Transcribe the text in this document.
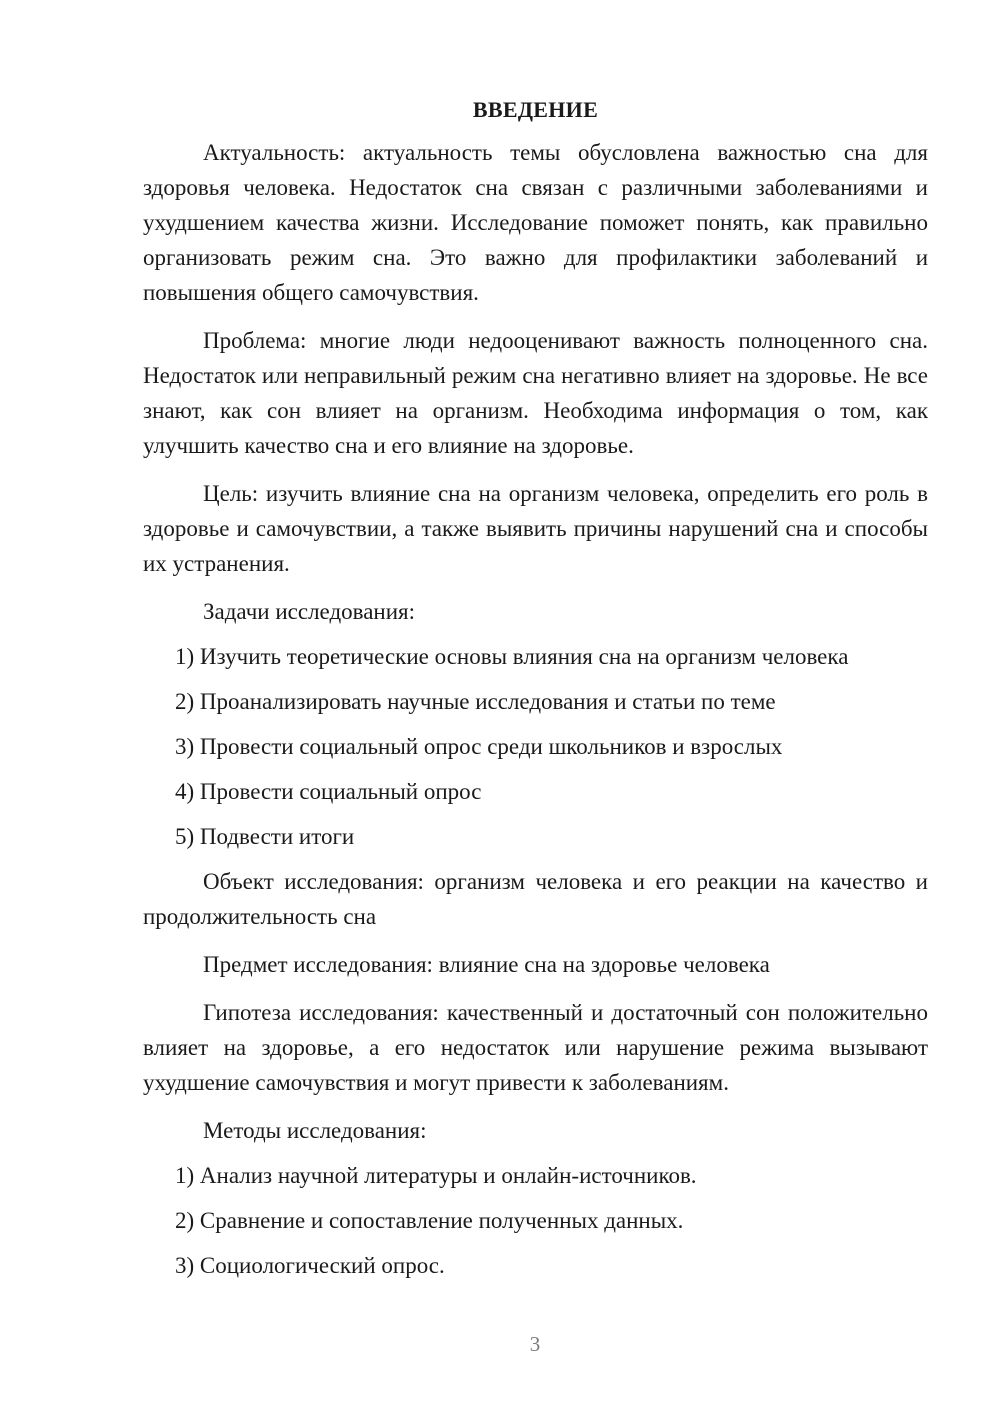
ВВЕДЕНИЕ

Актуальность: актуальность темы обусловлена важностью сна для здоровья человека. Недостаток сна связан с различными заболеваниями и ухудшением качества жизни. Исследование поможет понять, как правильно организовать режим сна. Это важно для профилактики заболеваний и повышения общего самочувствия.

Проблема: многие люди недооценивают важность полноценного сна. Недостаток или неправильный режим сна негативно влияет на здоровье. Не все знают, как сон влияет на организм. Необходима информация о том, как улучшить качество сна и его влияние на здоровье.

Цель: изучить влияние сна на организм человека, определить его роль в здоровье и самочувствии, а также выявить причины нарушений сна и способы их устранения.

Задачи исследования:
1) Изучить теоретические основы влияния сна на организм человека
2) Проанализировать научные исследования и статьи по теме
3) Провести социальный опрос среди школьников и взрослых
4) Провести социальный опрос
5) Подвести итоги

Объект исследования: организм человека и его реакции на качество и продолжительность сна

Предмет исследования: влияние сна на здоровье человека

Гипотеза исследования: качественный и достаточный сон положительно влияет на здоровье, а его недостаток или нарушение режима вызывают ухудшение самочувствия и могут привести к заболеваниям.

Методы исследования:
1) Анализ научной литературы и онлайн-источников.
2) Сравнение и сопоставление полученных данных.
3) Социологический опрос.
3
